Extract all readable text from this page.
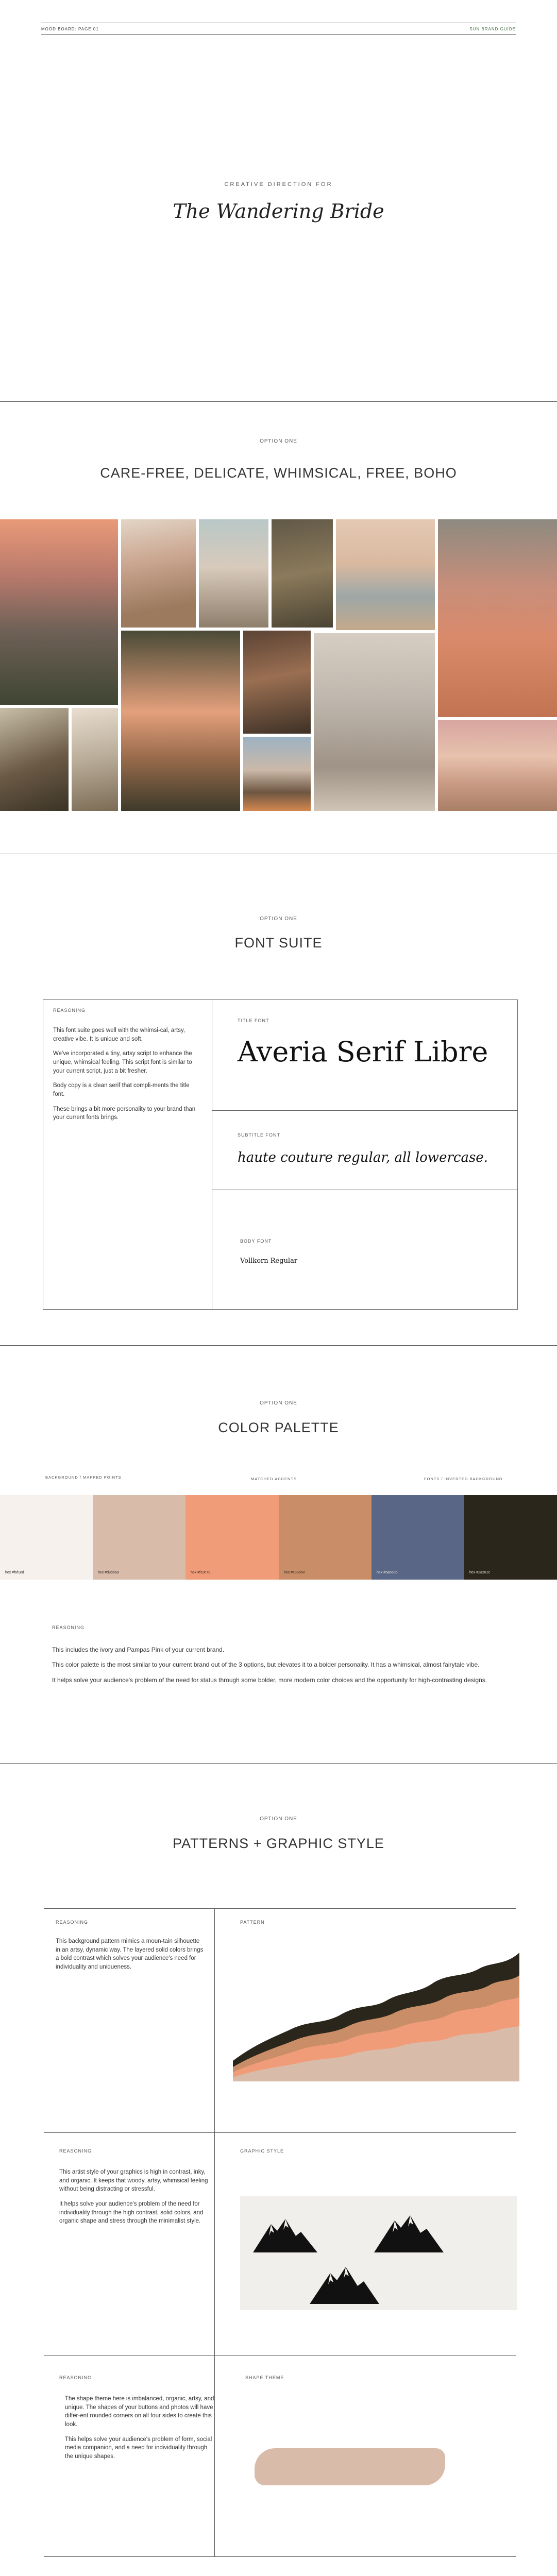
MOOD BOARD: PAGE 01	SUN BRAND GUIDE
CREATIVE DIRECTION FOR
The Wandering Bride
OPTION ONE
CARE-FREE, DELICATE, WHIMSICAL, FREE, BOHO
OPTION ONE
FONT SUITE
REASONING

This font suite goes well with the whimsi-cal, artsy, creative vibe. It is unique and soft.

We've incorporated a tiny, artsy script to enhance the unique, whimsical feeling. This script font is similar to your current script, just a bit fresher.

Body copy is a clean serif that compli-ments the title font.

These brings a bit more personality to your brand than your current fonts brings.

TITLE FONT
Averia Serif Libre
SUBTITLE FONT
haute couture regular, all lowercase.
BODY FONT
Vollkorn Regular
OPTION ONE
COLOR PALETTE
BACKGROUND / MAPPED POINTS	MATCHED ACCENTS	FONTS / INVERTED BACKGROUND
hex #f6f1ed	hex #d9bba9	hex #f19c79	hex #c98e68	hex #5a6685	hex #2a261c
REASONING

This includes the ivory and Pampas Pink of your current brand.

This color palette is the most similar to your current brand out of the 3 options, but elevates it to a bolder personality. It has a whimsical, almost fairytale vibe.

It helps solve your audience's problem of the need for status through some bolder, more modern color choices and the opportunity for high-contrasting designs.

OPTION ONE
PATTERNS + GRAPHIC STYLE
REASONING

This background pattern mimics a moun-tain silhouette in an artsy, dynamic way. The layered solid colors brings a bold contrast which solves your audience's need for individuality and uniqueness.

PATTERN
REASONING

This artist style of your graphics is high in contrast, inky, and organic. It keeps that woody, artsy, whimsical feeling without being distracting or stressful.

It helps solve your audience's problem of the need for individuality through the high contrast, solid colors, and organic shape and stress through the minimalist style.

GRAPHIC STYLE
REASONING

The shape theme here is imbalanced, organic, artsy, and unique. The shapes of your buttons and photos will have differ-ent rounded corners on all four sides to create this look.

This helps solve your audience's problem of form, social media companion, and a need for individuality through the unique shapes.

SHAPE THEME
